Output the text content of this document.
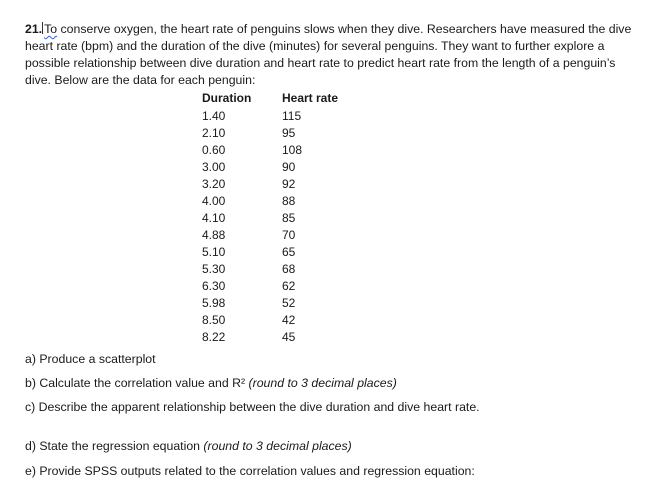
21. To conserve oxygen, the heart rate of penguins slows when they dive. Researchers have measured the dive heart rate (bpm) and the duration of the dive (minutes) for several penguins. They want to further explore a possible relationship between dive duration and heart rate to predict heart rate from the length of a penguin’s dive. Below are the data for each penguin:
Duration	Heart rate
1.40	115
2.10	95
0.60	108
3.00	90
3.20	92
4.00	88
4.10	85
4.88	70
5.10	65
5.30	68
6.30	62
5.98	52
8.50	42
8.22	45
a) Produce a scatterplot
b) Calculate the correlation value and R² (round to 3 decimal places)
c) Describe the apparent relationship between the dive duration and dive heart rate.
d) State the regression equation (round to 3 decimal places)
e) Provide SPSS outputs related to the correlation values and regression equation:
